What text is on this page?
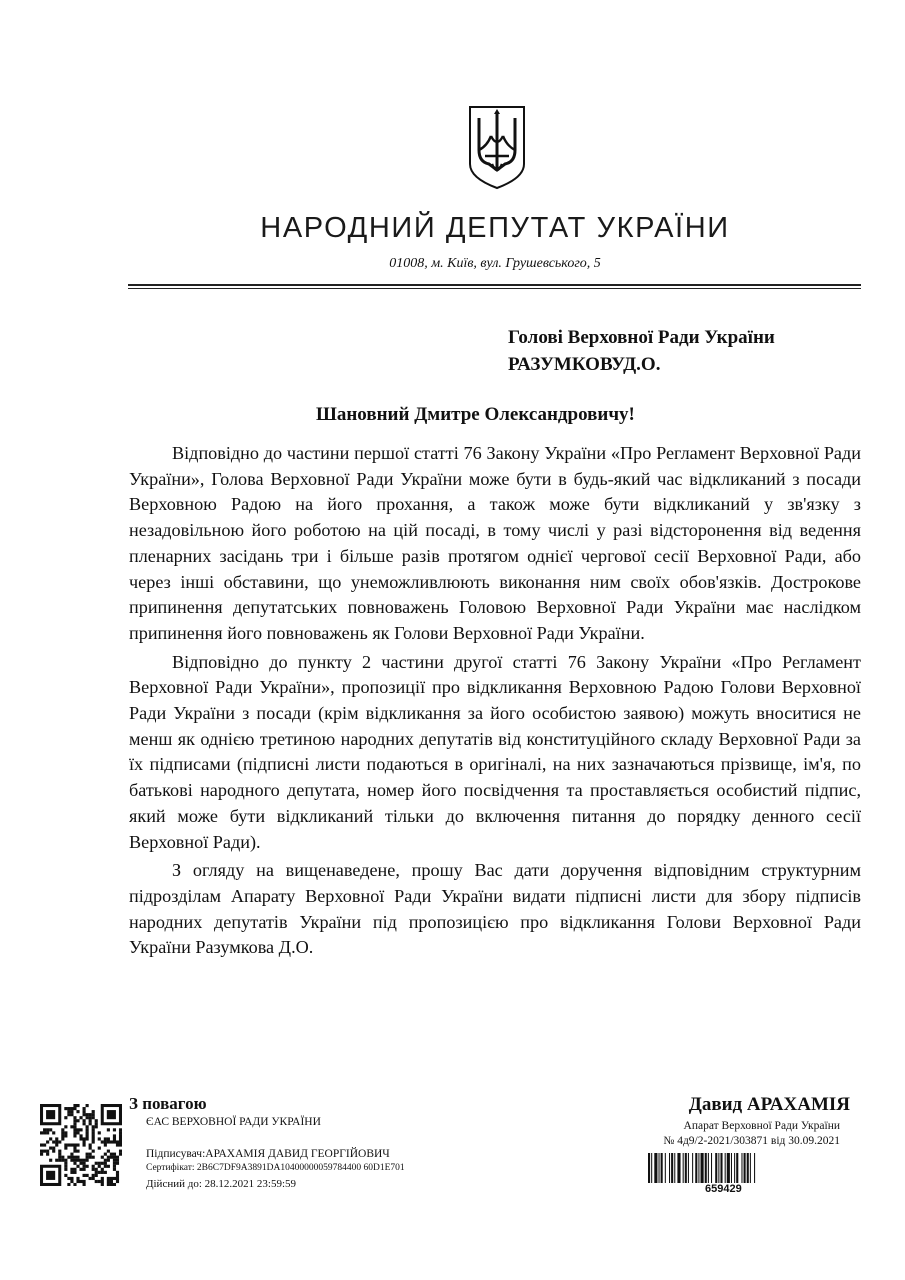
НАРОДНИЙ ДЕПУТАТ УКРАЇНИ
01008, м. Київ, вул. Грушевського, 5
Голові Верховної Ради України
РАЗУМКОВУД.О.
Шановний Дмитре Олександровичу!

Відповідно до частини першої статті 76 Закону України «Про Регламент Верховної Ради України», Голова Верховної Ради України може бути в будь-який час відкликаний з посади Верховною Радою на його прохання, а також може бути відкликаний у зв'язку з незадовільною його роботою на цій посаді, в тому числі у разі відсторонення від ведення пленарних засідань три і більше разів протягом однієї чергової сесії Верховної Ради, або через інші обставини, що унеможливлюють виконання ним своїх обов'язків. Дострокове припинення депутатських повноважень Головою Верховної Ради України має наслідком припинення його повноважень як Голови Верховної Ради України.

Відповідно до пункту 2 частини другої статті 76 Закону України «Про Регламент Верховної Ради України», пропозиції про відкликання Верховною Радою Голови Верховної Ради України з посади (крім відкликання за його особистою заявою) можуть вноситися не менш як однією третиною народних депутатів від конституційного складу Верховної Ради за їх підписами (підписні листи подаються в оригіналі, на них зазначаються прізвище, ім'я, по батькові народного депутата, номер його посвідчення та проставляється особистий підпис, який може бути відкликаний тільки до включення питання до порядку денного сесії Верховної Ради).

З огляду на вищенаведене, прошу Вас дати доручення відповідним структурним підрозділам Апарату Верховної Ради України видати підписні листи для збору підписів народних депутатів України під пропозицією про відкликання Голови Верховної Ради України Разумкова Д.О.

З повагою
ЄАС ВЕРХОВНОЇ РАДИ УКРАЇНИ
Підписувач:АРАХАМІЯ ДАВИД ГЕОРГІЙОВИЧ
Сертифікат: 2B6C7DF9A3891DA10400000059784400 60D1E701
Дійсний до: 28.12.2021 23:59:59
Давид АРАХАМІЯ
Апарат Верховної Ради України
№ 4д9/2-2021/303871 від 30.09.2021
659429
